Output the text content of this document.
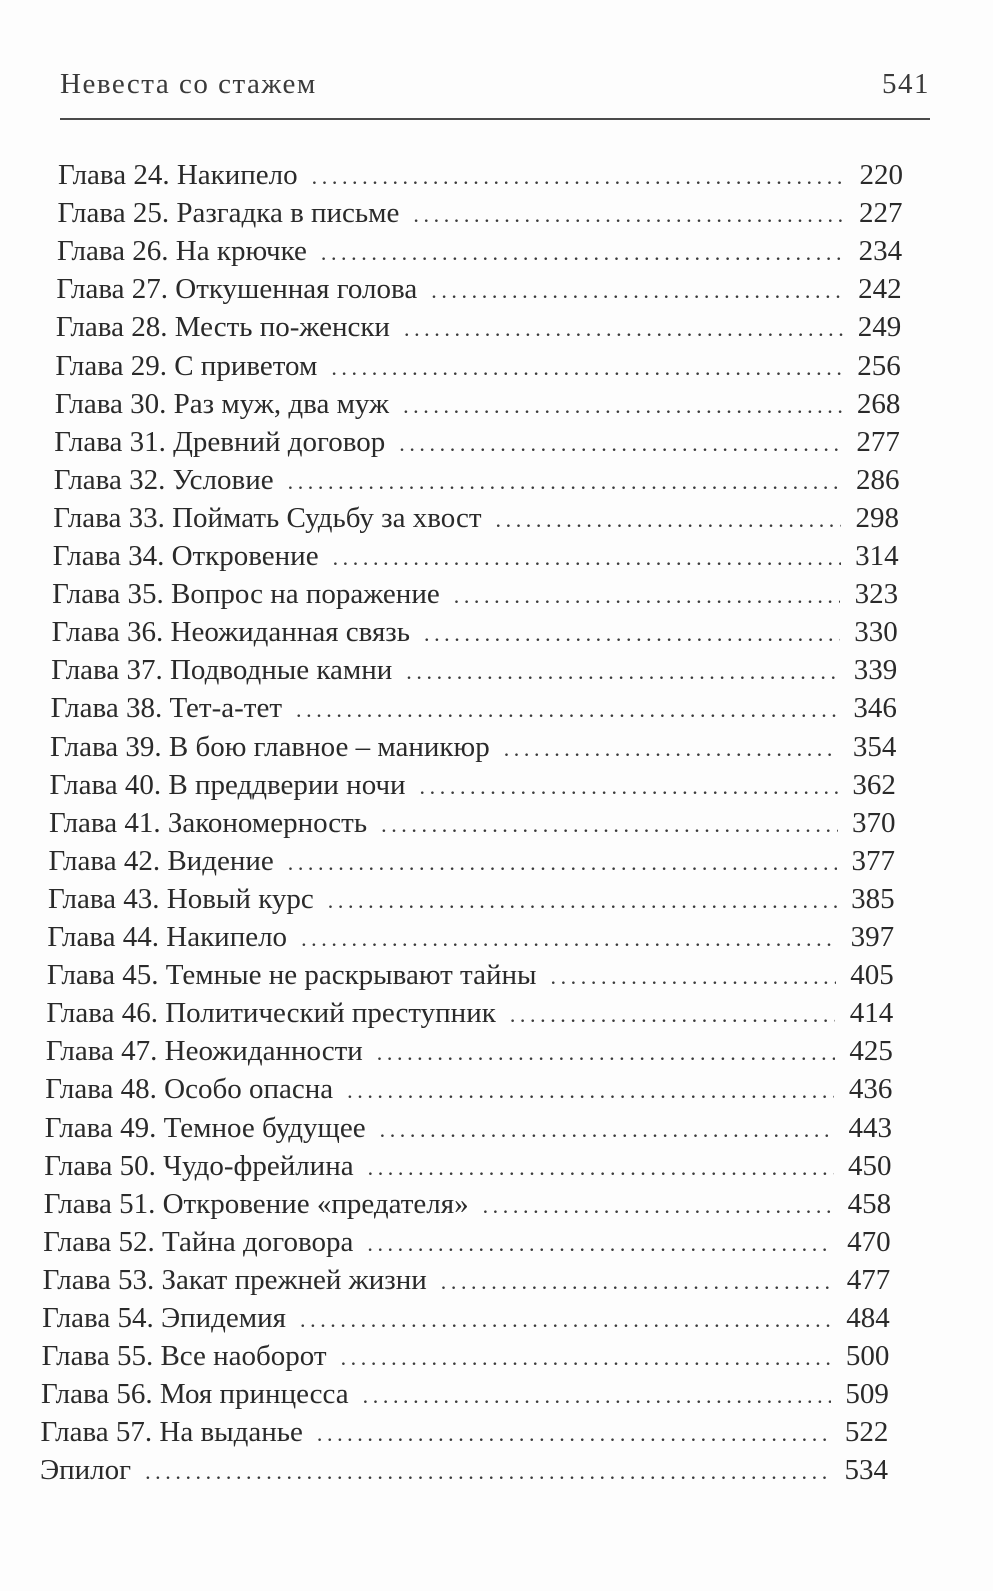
Невеста со стажем	541
Глава 24. Накипело .....	220
Глава 25. Разгадка в письме .....	227
Глава 26. На крючке .....	234
Глава 27. Откушенная голова .....	242
Глава 28. Месть по-женски .....	249
Глава 29. С приветом .....	256
Глава 30. Раз муж, два муж .....	268
Глава 31. Древний договор .....	277
Глава 32. Условие .....	286
Глава 33. Поймать Судьбу за хвост .....	298
Глава 34. Откровение .....	314
Глава 35. Вопрос на поражение .....	323
Глава 36. Неожиданная связь .....	330
Глава 37. Подводные камни .....	339
Глава 38. Тет-а-тет .....	346
Глава 39. В бою главное – маникюр .....	354
Глава 40. В преддверии ночи .....	362
Глава 41. Закономерность .....	370
Глава 42. Видение .....	377
Глава 43. Новый курс .....	385
Глава 44. Накипело .....	397
Глава 45. Темные не раскрывают тайны .....	405
Глава 46. Политический преступник .....	414
Глава 47. Неожиданности .....	425
Глава 48. Особо опасна .....	436
Глава 49. Темное будущее .....	443
Глава 50. Чудо-фрейлина .....	450
Глава 51. Откровение «предателя» .....	458
Глава 52. Тайна договора .....	470
Глава 53. Закат прежней жизни .....	477
Глава 54. Эпидемия .....	484
Глава 55. Все наоборот .....	500
Глава 56. Моя принцесса .....	509
Глава 57. На выданье .....	522
Эпилог .....	534
